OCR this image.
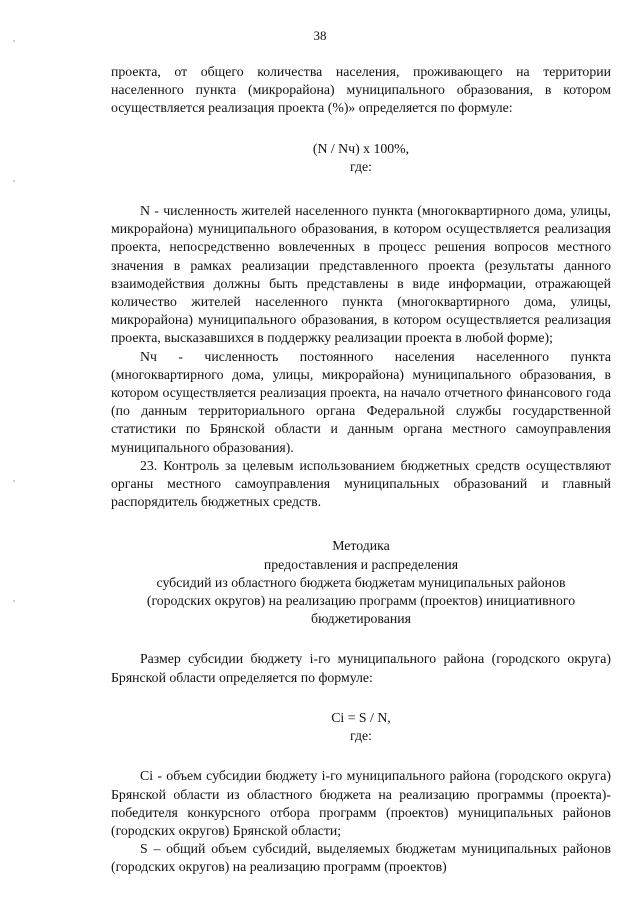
38

проекта, от общего количества населения, проживающего на территории населенного пункта (микрорайона) муниципального образования, в котором осуществляется реализация проекта (%)» определяется по формуле:

(N / Nч) x 100%,

где:

N - численность жителей населенного пункта (многоквартирного дома, улицы, микрорайона) муниципального образования, в котором осуществляется реализация проекта, непосредственно вовлеченных в процесс решения вопросов местного значения в рамках реализации представленного проекта (результаты данного взаимодействия должны быть представлены в виде информации, отражающей количество жителей населенного пункта (многоквартирного дома, улицы, микрорайона) муниципального образования, в котором осуществляется реализация проекта, высказавшихся в поддержку реализации проекта в любой форме);

Nч - численность постоянного населения населенного пункта (многоквартирного дома, улицы, микрорайона) муниципального образования, в котором осуществляется реализация проекта, на начало отчетного финансового года (по данным территориального органа Федеральной службы государственной статистики по Брянской области и данным органа местного самоуправления муниципального образования).

23. Контроль за целевым использованием бюджетных средств осуществляют органы местного самоуправления муниципальных образований и главный распорядитель бюджетных средств.

Методика

предоставления и распределения

субсидий из областного бюджета бюджетам муниципальных районов

(городских округов) на реализацию программ (проектов) инициативного

бюджетирования

Размер субсидии бюджету i-го муниципального района (городского округа) Брянской области определяется по формуле:

Ci = S / N,

где:

Ci - объем субсидии бюджету i-го муниципального района (городского округа) Брянской области из областного бюджета на реализацию программы (проекта)-победителя конкурсного отбора программ (проектов) муниципальных районов (городских округов) Брянской области;

S – общий объем субсидий, выделяемых бюджетам муниципальных районов (городских округов) на реализацию программ (проектов)
